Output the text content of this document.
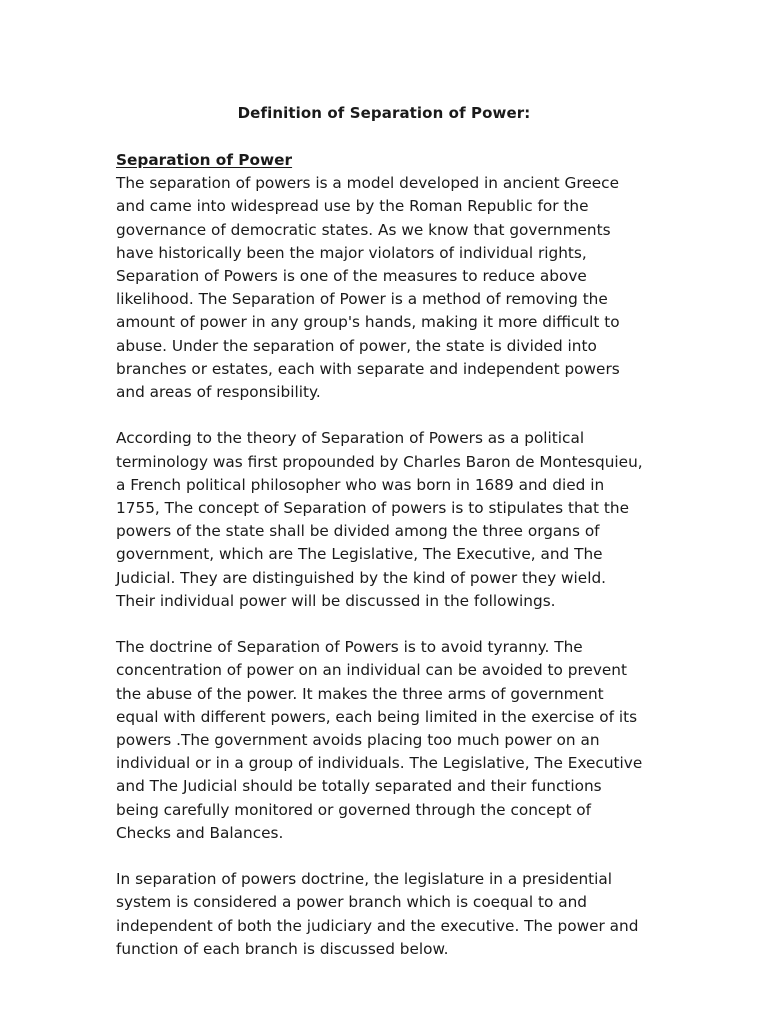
Definition of Separation of Power:
Separation of Power

The separation of powers is a model developed in ancient Greece
and came into widespread use by the Roman Republic for the
governance of democratic states. As we know that governments
have historically been the major violators of individual rights,
Separation of Powers is one of the measures to reduce above
likelihood. The Separation of Power is a method of removing the
amount of power in any group's hands, making it more difficult to
abuse. Under the separation of power, the state is divided into
branches or estates, each with separate and independent powers
and areas of responsibility.

According to the theory of Separation of Powers as a political
terminology was first propounded by Charles Baron de Montesquieu,
a French political philosopher who was born in 1689 and died in
1755, The concept of Separation of powers is to stipulates that the
powers of the state shall be divided among the three organs of
government, which are The Legislative, The Executive, and The
Judicial. They are distinguished by the kind of power they wield.
Their individual power will be discussed in the followings.

The doctrine of Separation of Powers is to avoid tyranny. The
concentration of power on an individual can be avoided to prevent
the abuse of the power. It makes the three arms of government
equal with different powers, each being limited in the exercise of its
powers .The government avoids placing too much power on an
individual or in a group of individuals. The Legislative, The Executive
and The Judicial should be totally separated and their functions
being carefully monitored or governed through the concept of
Checks and Balances.

In separation of powers doctrine, the legislature in a presidential
system is considered a power branch which is coequal to and
independent of both the judiciary and the executive. The power and
function of each branch is discussed below.
